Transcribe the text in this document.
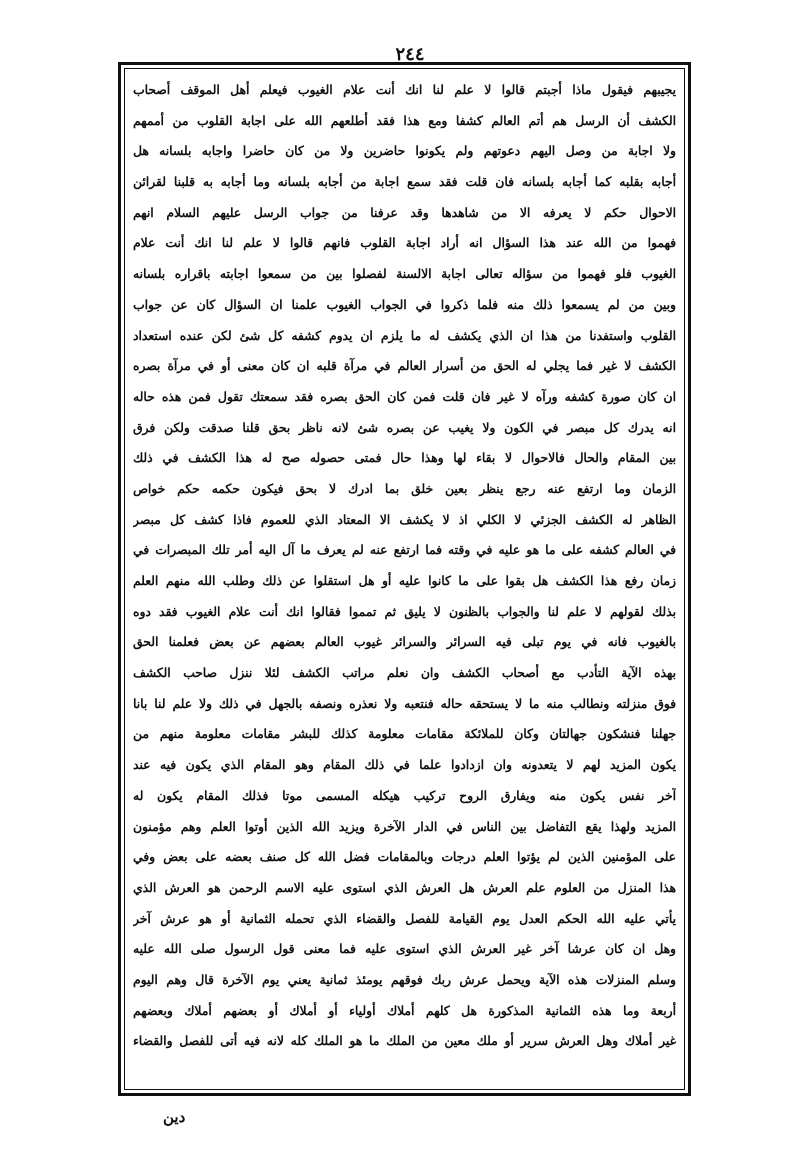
٢٤٤
يجيبهم فيقول ماذا أجبتم قالوا لا علم لنا انك أنت علام الغيوب فيعلم أهل الموقف أصحاب
الكشف أن الرسل هم أتم العالم كشفا ومع هذا فقد أطلعهم الله على اجابة القلوب من أممهم
ولا اجابة من وصل اليهم دعوتهم ولم يكونوا حاضرين ولا من كان حاضرا واجابه بلسانه هل
أجابه بقلبه كما أجابه بلسانه فان قلت فقد سمع اجابة من أجابه بلسانه وما أجابه به قلبنا لقرائن
الاحوال حكم لا يعرفه الا من شاهدها وقد عرفنا من جواب الرسل عليهم السلام انهم
فهموا من الله عند هذا السؤال انه أراد اجابة القلوب فانهم قالوا لا علم لنا انك أنت علام
الغيوب فلو فهموا من سؤاله تعالى اجابة الالسنة لفصلوا بين من سمعوا اجابته باقراره بلسانه
وبين من لم يسمعوا ذلك منه فلما ذكروا في الجواب الغيوب علمنا ان السؤال كان عن جواب
القلوب واستفدنا من هذا ان الذي يكشف له ما يلزم ان يدوم كشفه كل شئ لكن عنده استعداد
الكشف لا غير فما يجلي له الحق من أسرار العالم في مرآة قلبه ان كان معنى أو في مرآة بصره
ان كان صورة كشفه ورآه لا غير فان قلت فمن كان الحق بصره فقد سمعتك تقول فمن هذه حاله
انه يدرك كل مبصر في الكون ولا يغيب عن بصره شئ لانه ناظر بحق قلنا صدقت ولكن فرق
بين المقام والحال فالاحوال لا بقاء لها وهذا حال فمتى حصوله صح له هذا الكشف في ذلك
الزمان وما ارتفع عنه رجع ينظر بعين خلق بما ادرك لا بحق فيكون حكمه حكم خواص
الظاهر له الكشف الجزئي لا الكلي اذ لا يكشف الا المعتاد الذي للعموم فاذا كشف كل مبصر
في العالم كشفه على ما هو عليه في وقته فما ارتفع عنه لم يعرف ما آل اليه أمر تلك المبصرات في
زمان رفع هذا الكشف هل بقوا على ما كانوا عليه أو هل استقلوا عن ذلك وطلب الله منهم العلم
بذلك لقولهم لا علم لنا والجواب بالظنون لا يليق ثم تمموا فقالوا انك أنت علام الغيوب فقد دوه
بالغيوب فانه في يوم تبلى فيه السرائر والسرائر غيوب العالم بعضهم عن بعض فعلمنا الحق
بهذه الآية التأدب مع أصحاب الكشف وان نعلم مراتب الكشف لئلا ننزل صاحب الكشف
فوق منزلته ونطالب منه ما لا يستحقه حاله فنتعبه ولا نعذره ونصفه بالجهل في ذلك ولا علم لنا بانا
جهلنا فنشكون جهالتان وكان للملائكة مقامات معلومة كذلك للبشر مقامات معلومة منهم من
يكون المزيد لهم لا يتعدونه وان ازدادوا علما في ذلك المقام وهو المقام الذي يكون فيه عند
آخر نفس يكون منه ويفارق الروح تركيب هيكله المسمى موتا فذلك المقام يكون له
المزيد ولهذا يقع التفاضل بين الناس في الدار الآخرة ويزيد الله الذين أوتوا العلم وهم مؤمنون
على المؤمنين الذين لم يؤتوا العلم درجات وبالمقامات فضل الله كل صنف بعضه على بعض وفي
هذا المنزل من العلوم علم العرش هل العرش الذي استوى عليه الاسم الرحمن هو العرش الذي
يأتي عليه الله الحكم العدل يوم القيامة للفصل والقضاء الذي تحمله الثمانية أو هو عرش آخر
وهل ان كان عرشا آخر غير العرش الذي استوى عليه فما معنى قول الرسول صلى الله عليه
وسلم المنزلات هذه الآية ويحمل عرش ربك فوقهم يومئذ ثمانية يعني يوم الآخرة قال وهم اليوم
أربعة وما هذه الثمانية المذكورة هل كلهم أملاك أولياء أو أملاك أو بعضهم أملاك وبعضهم
غير أملاك وهل العرش سرير أو ملك معين من الملك ما هو الملك كله لانه فيه أتى للفصل والقضاء
دين
